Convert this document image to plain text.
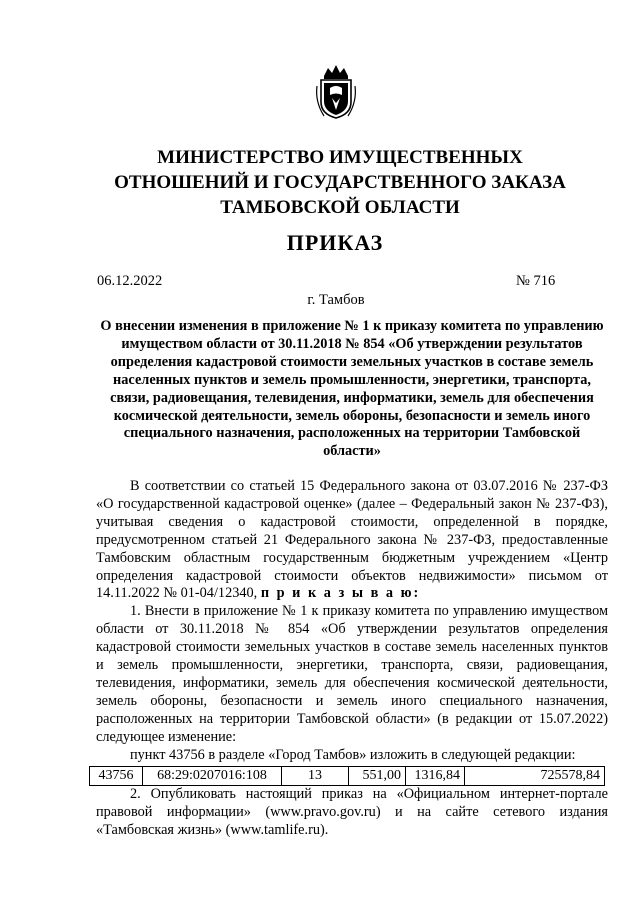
МИНИСТЕРСТВО ИМУЩЕСТВЕННЫХ
ОТНОШЕНИЙ И ГОСУДАРСТВЕННОГО ЗАКАЗА
ТАМБОВСКОЙ ОБЛАСТИ
ПРИКАЗ
06.12.2022	№ 716
г. Тамбов
О внесении изменения в приложение № 1 к приказу комитета по управлению имуществом области от 30.11.2018 № 854 «Об утверждении результатов определения кадастровой стоимости земельных участков в составе земель населенных пунктов и земель промышленности, энергетики, транспорта, связи, радиовещания, телевидения, информатики, земель для обеспечения космической деятельности, земель обороны, безопасности и земель иного специального назначения, расположенных на территории Тамбовской области»

В соответствии со статьей 15 Федерального закона от 03.07.2016 № 237-ФЗ «О государственной кадастровой оценке» (далее – Федеральный закон № 237-ФЗ), учитывая сведения о кадастровой стоимости, определенной в порядке, предусмотренном статьей 21 Федерального закона № 237-ФЗ, предоставленные Тамбовским областным государственным бюджетным учреждением «Центр определения кадастровой стоимости объектов недвижимости» письмом от 14.11.2022 № 01-04/12340, п р и к а з ы в а ю:

1. Внести в приложение № 1 к приказу комитета по управлению имуществом области от 30.11.2018 № 854 «Об утверждении результатов определения кадастровой стоимости земельных участков в составе земель населенных пунктов и земель промышленности, энергетики, транспорта, связи, радиовещания, телевидения, информатики, земель для обеспечения космической деятельности, земель обороны, безопасности и земель иного специального назначения, расположенных на территории Тамбовской области» (в редакции от 15.07.2022) следующее изменение:

пункт 43756 в разделе «Город Тамбов» изложить в следующей редакции:

43756	68:29:0207016:108	13	551,00	1316,84	725578,84

2. Опубликовать настоящий приказ на «Официальном интернет-портале правовой информации» (www.pravo.gov.ru) и на сайте сетевого издания «Тамбовская жизнь» (www.tamlife.ru).
